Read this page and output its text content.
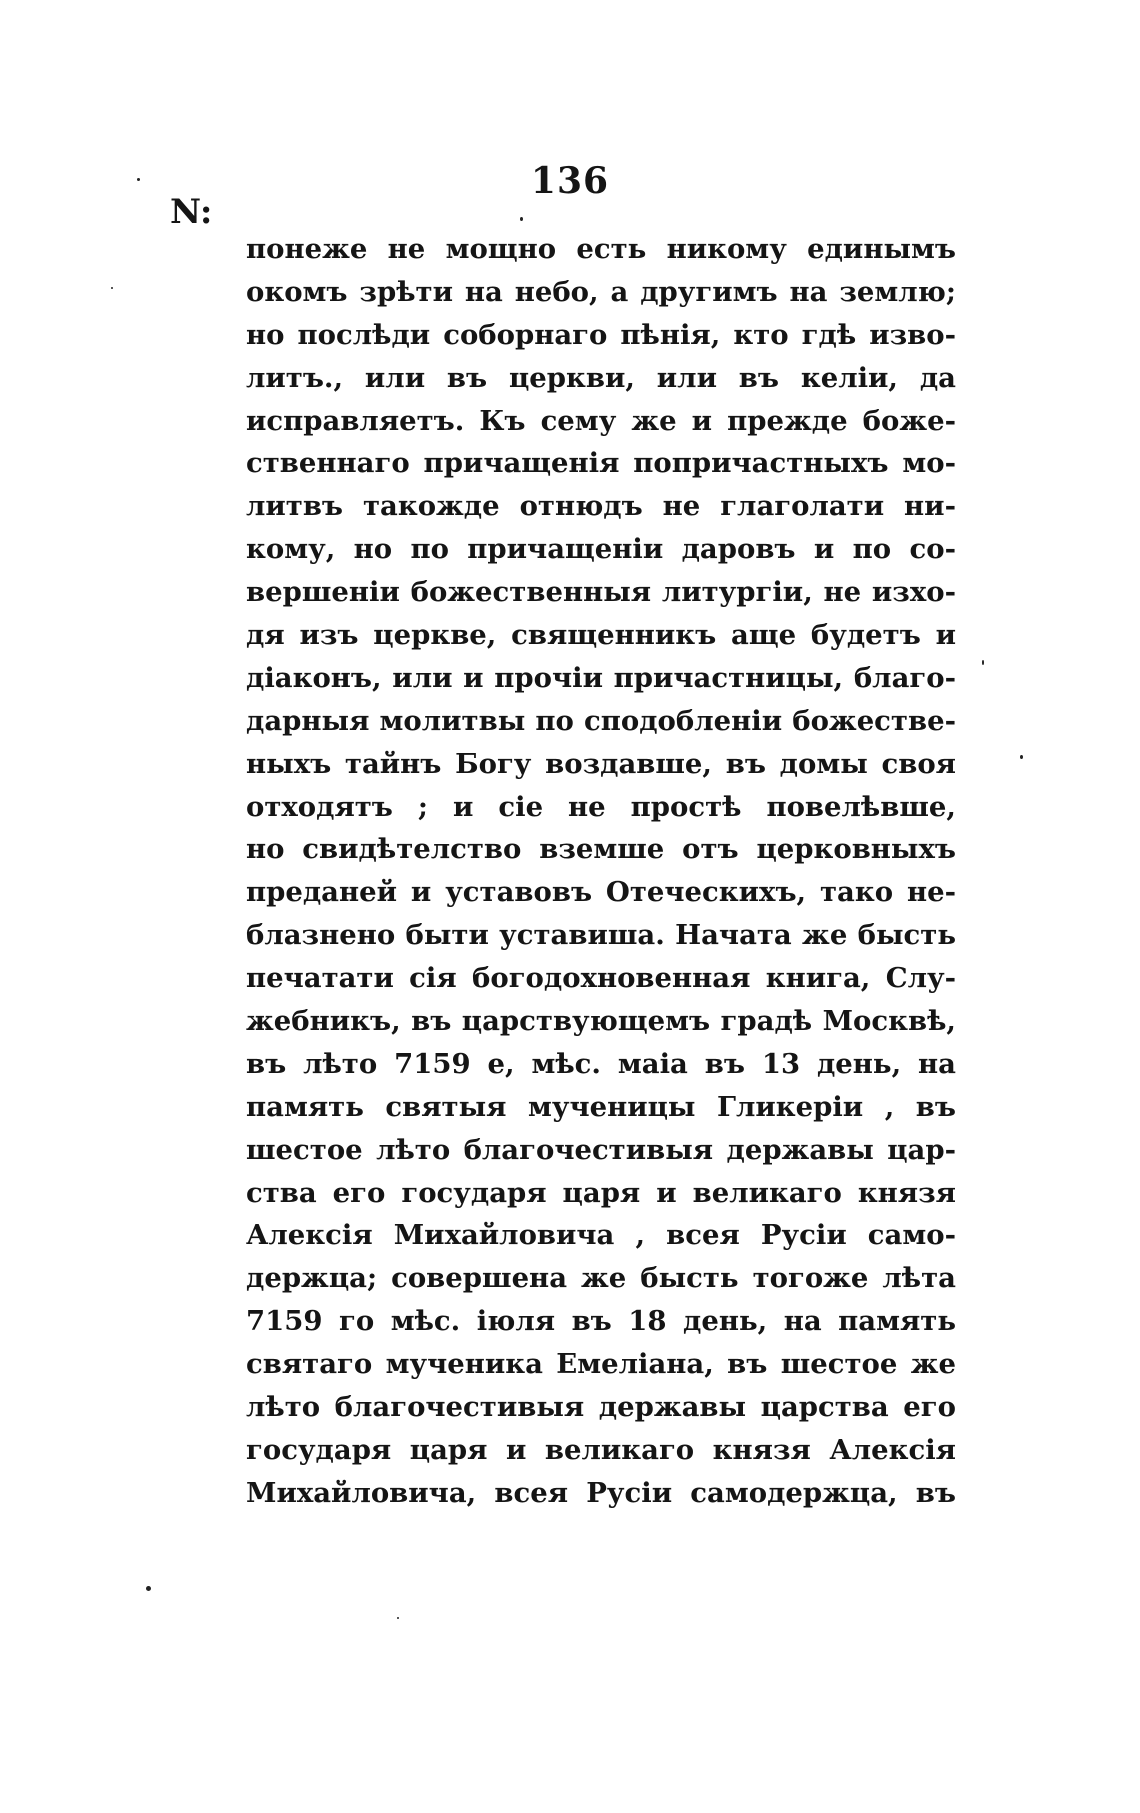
136
N:
понеже не мощно есть никому единымъ
окомъ зрѣти на небо, а другимъ на землю;
но послѣди соборнаго пѣнія, кто гдѣ изво-
литъ., или въ церкви, или въ келіи, да
исправляетъ. Къ сему же и прежде боже-
ственнаго причащенія попричастныхъ мо-
литвъ такожде отнюдъ не глаголати ни-
кому, но по причащеніи даровъ и по со-
вершеніи божественныя литургіи, не изхо-
дя изъ церкве, священникъ аще будетъ и
діаконъ, или и прочіи причастницы, благо-
дарныя молитвы по сподобленіи божестве-
ныхъ тайнъ Богу воздавше, въ домы своя
отходятъ ; и сіе не простѣ повелѣвше,
но свидѣтелство вземше отъ церковныхъ
преданей и уставовъ Отеческихъ, тако не-
блазнено быти уставиша. Начата же бысть
печатати сія богодохновенная книга, Слу-
жебникъ, въ царствующемъ градѣ Москвѣ,
въ лѣто 7159 е, мѣс. маіа въ 13 день, на
память святыя мученицы Гликеріи , въ
шестое лѣто благочестивыя державы цар-
ства его государя царя и великаго князя
Алексія Михайловича , всея Русіи само-
держца; совершена же бысть тогоже лѣта
7159 го мѣс. іюля въ 18 день, на память
святаго мученика Емеліана, въ шестое же
лѣто благочестивыя державы царства его
государя царя и великаго князя Алексія
Михайловича, всея Русіи самодержца, въ
